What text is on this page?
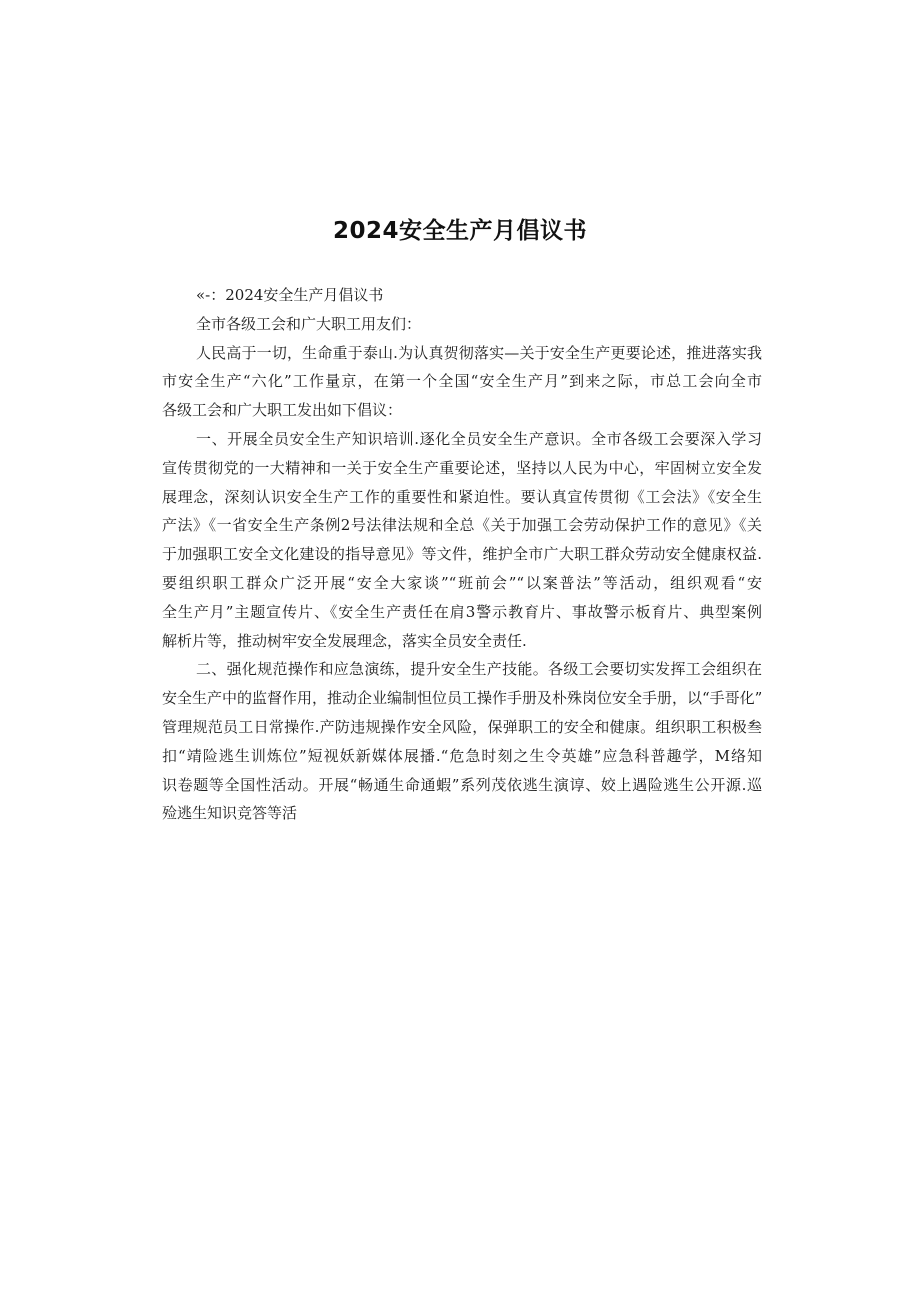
2024安全生产月倡议书
«-：2024安全生产月倡议书
全市各级工会和广大职工用友们：
人民高于一切，生命重于泰山.为认真贺彻落实—关于安全生产更要论述，推进落实我
市安全生产“六化”工作量京，在第一个全国“安全生产月”到来之际，市总工会向全市
各级工会和广大职工发出如下倡议：
一、开展全员安全生产知识培训.逐化全员安全生产意识。全市各级工会要深入学习
宣传贯彻党的一大精神和一关于安全生产重要论述，坚持以人民为中心，牢固树立安全发
展理念，深刻认识安全生产工作的重要性和紧迫性。要认真宣传贯彻《工会法》《安全生
产法》《一省安全生产条例2号法律法规和全总《关于加强工会劳动保护工作的意见》《关
于加强职工安全文化建设的指导意见》等文件，维护全市广大职工群众劳动安全健康权益.
要组织职工群众广泛开展“安全大家谈”“班前会”“以案普法”等活动，组织观看“安
全生产月”主题宣传片、《安全生产责任在肩3警示教育片、事故警示板育片、典型案例
解析片等，推动树牢安全发展理念，落实全员安全责任.
二、强化规范操作和应急演练，提升安全生产技能。各级工会要切实发挥工会组织在
安全生产中的监督作用，推动企业编制怛位员工操作手册及朴殊岗位安全手册，以“手哥化”
管理规范员工日常操作.产防违规操作安全风险，保弹职工的安全和健康。组织职工积极叁
扣“靖险逃生训炼位”短视妖新媒体展播.“危急时刻之生令英雄”应急科普趣学，M络知
识卷题等全国性活动。开展“畅通生命通蝦”系列茂依逃生演谆、姣上遇险逃生公开源.巡
殓逃生知识竞答等活
